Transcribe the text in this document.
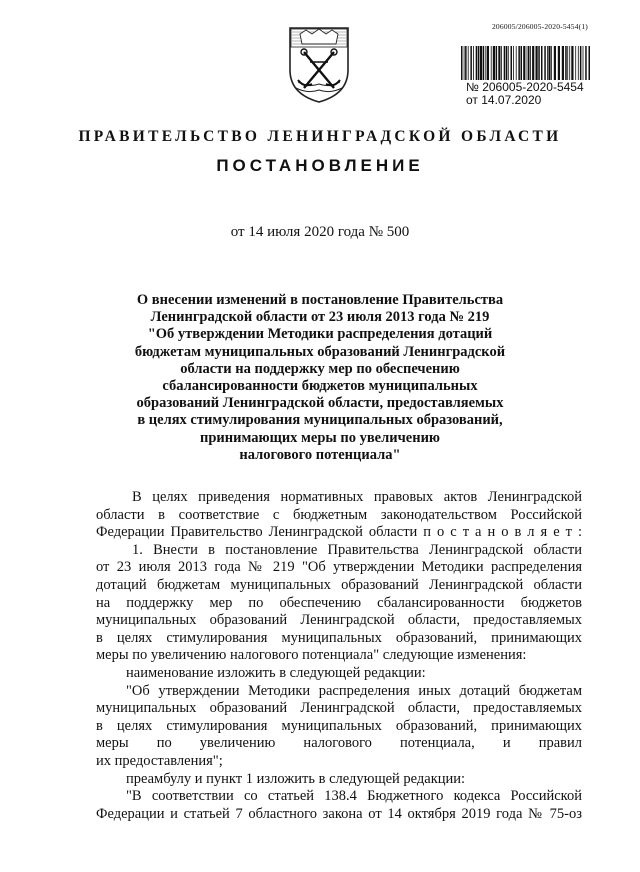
206005/206005-2020-5454(1)
№ 206005-2020-5454
от 14.07.2020
ПРАВИТЕЛЬСТВО ЛЕНИНГРАДСКОЙ ОБЛАСТИ
ПОСТАНОВЛЕНИЕ
от 14 июля 2020 года № 500
О внесении изменений в постановление Правительства
Ленинградской области от 23 июля 2013 года № 219
"Об утверждении Методики распределения дотаций
бюджетам муниципальных образований Ленинградской
области на поддержку мер по обеспечению
сбалансированности бюджетов муниципальных
образований Ленинградской области, предоставляемых
в целях стимулирования муниципальных образований,
принимающих меры по увеличению
налогового потенциала"
В целях приведения нормативных правовых актов Ленинградской
области в соответствие с бюджетным законодательством Российской
Федерации Правительство Ленинградской области п о с т а н о в л я е т :
1. Внести в постановление Правительства Ленинградской области
от 23 июля 2013 года № 219 "Об утверждении Методики распределения
дотаций бюджетам муниципальных образований Ленинградской области
на поддержку мер по обеспечению сбалансированности бюджетов
муниципальных образований Ленинградской области, предоставляемых
в целях стимулирования муниципальных образований, принимающих
меры по увеличению налогового потенциала" следующие изменения:
наименование изложить в следующей редакции:
"Об утверждении Методики распределения иных дотаций бюджетам
муниципальных образований Ленинградской области, предоставляемых
в целях стимулирования муниципальных образований, принимающих
меры по увеличению налогового потенциала, и правил
их предоставления";
преамбулу и пункт 1 изложить в следующей редакции:
"В соответствии со статьей 138.4 Бюджетного кодекса Российской
Федерации и статьей 7 областного закона от 14 октября 2019 года № 75-оз
